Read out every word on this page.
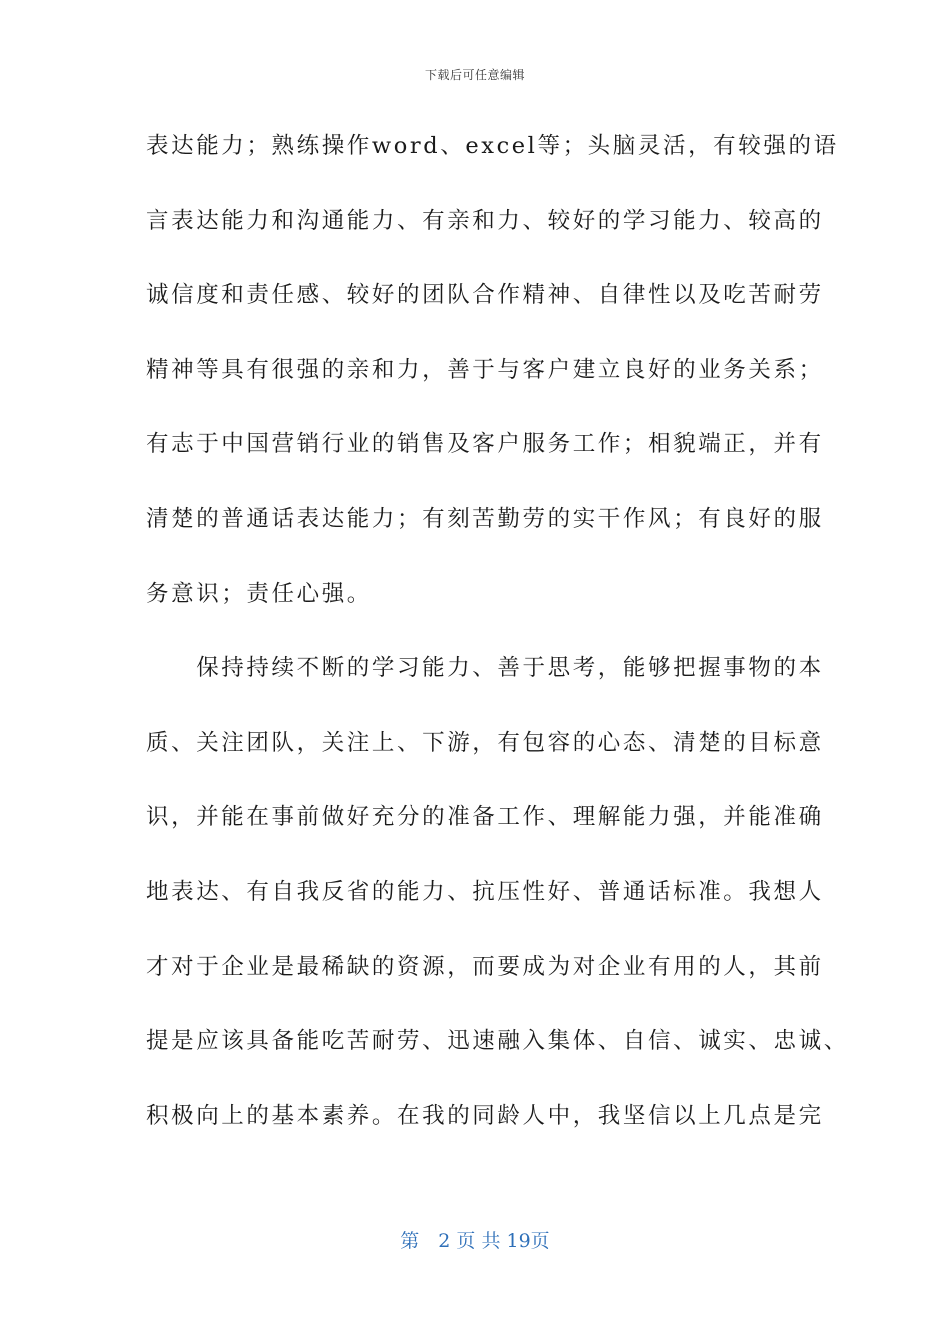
下载后可任意编辑
表达能力；熟练操作word、excel等；头脑灵活，有较强的语
言表达能力和沟通能力、有亲和力、较好的学习能力、较高的
诚信度和责任感、较好的团队合作精神、自律性以及吃苦耐劳
精神等具有很强的亲和力，善于与客户建立良好的业务关系；
有志于中国营销行业的销售及客户服务工作；相貌端正，并有
清楚的普通话表达能力；有刻苦勤劳的实干作风；有良好的服
务意识；责任心强。
　　保持持续不断的学习能力、善于思考，能够把握事物的本
质、关注团队，关注上、下游，有包容的心态、清楚的目标意
识，并能在事前做好充分的准备工作、理解能力强，并能准确
地表达、有自我反省的能力、抗压性好、普通话标准。我想人
才对于企业是最稀缺的资源，而要成为对企业有用的人，其前
提是应该具备能吃苦耐劳、迅速融入集体、自信、诚实、忠诚、
积极向上的基本素养。在我的同龄人中，我坚信以上几点是完
第　2 页 共 19页
